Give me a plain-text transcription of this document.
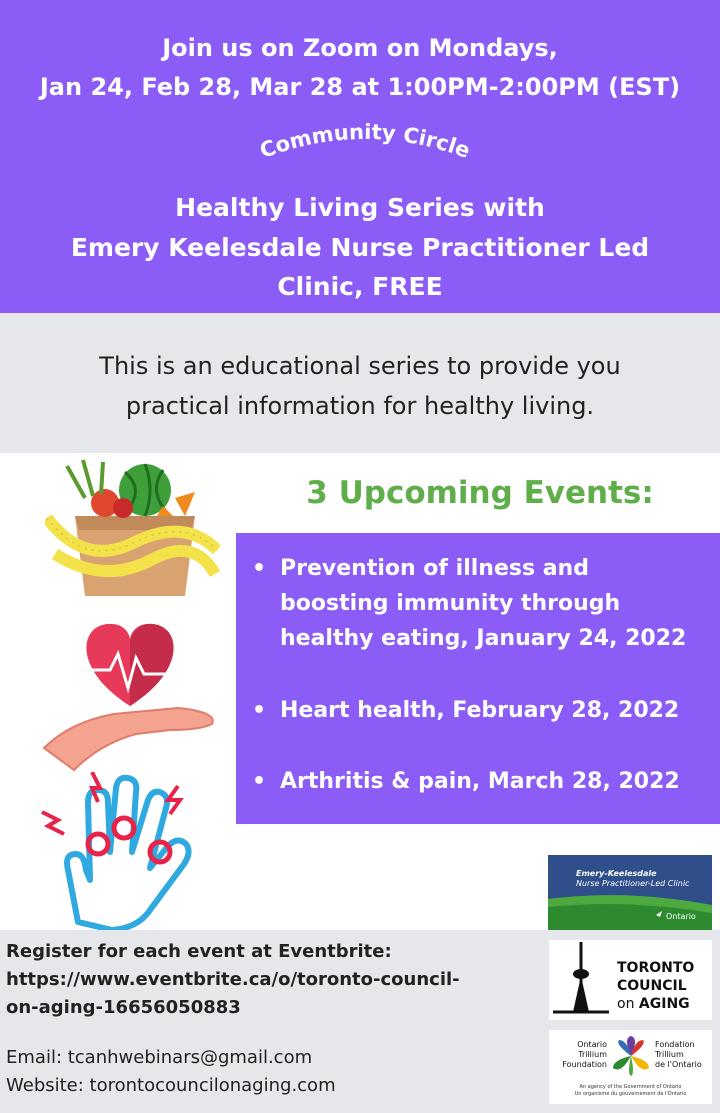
Join us on Zoom on Mondays,
Jan 24, Feb 28, Mar 28 at 1:00PM-2:00PM (EST)
Community Circle
Healthy Living Series with
Emery Keelesdale Nurse Practitioner Led
Clinic, FREE
This is an educational series to provide you
practical information for healthy living.
3 Upcoming Events:
• Prevention of illness and
boosting immunity through
healthy eating, January 24, 2022
• Heart health, February 28, 2022
• Arthritis & pain, March 28, 2022
Register for each event at Eventbrite:
https://www.eventbrite.ca/o/toronto-council-
on-aging-16656050883
Email: tcanhwebinars@gmail.com
Website: torontocouncilonaging.com
Emery-Keelesdale
Nurse Practitioner-Led Clinic
Ontario
TORONTO
COUNCIL
on AGING
Ontario
Trillium
Foundation
Fondation
Trillium
de l'Ontario
An agency of the Government of Ontario
Un organisme du gouvernement de l'Ontario
